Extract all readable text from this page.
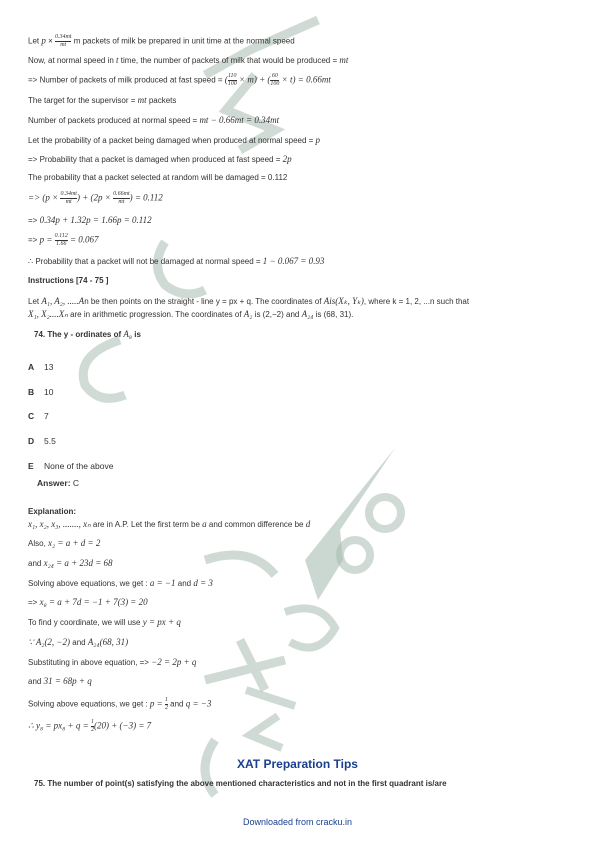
Let $p \times \frac{0.34mt}{mt}$ m packets of milk be prepared in unit time at the normal speed
Now, at normal speed in t time, the number of packets of milk that would be produced = mt
=> Number of packets of milk produced at fast speed = ( $\frac{110}{100} \times m$) + ( $\frac{60}{100} \times t) = 0.66mt$
The target for the supervisor = mt packets
Number of packets produced at normal speed = mt − 0.66mt = 0.34mt
Let the probability of a packet being damaged when produced at normal speed = p
=> Probability that a packet is damaged when produced at fast speed = 2p
The probability that a packet selected at random will be damaged = 0.112
=> ($p \times \frac{0.34mt}{mt}$ ) + ($2p \times \frac{0.66mt}{mt}$ ) = 0.112
=> 0.34p + 1.32p = 1.66p = 0.112
=> $p = \frac{0.112}{1.66} = 0.067$
∴ Probability that a packet will not be damaged at normal speed = 1 − 0.067 = 0.93
Instructions [74 - 75 ]
Let A₁, A₂, .....An be then points on the straight - line y = px + q. The coordinates of Ais(Xₖ, Yₖ), where k = 1, 2, ...n such that
X₁, X₂....Xₙ are in arithmetic progression. The coordinates of A₂ is (2,−2) and A₂₄ is (68, 31).
74. The y - ordinates of A₈ is
A 13
B 10
C 7
D 5.5
E None of the above
Answer: C
Explanation:
x₁, x₂, x₃, ......., xₙ are in A.P. Let the first term be a and common difference be d
Also, x₂ = a + d = 2
and x₂₄ = a + 23d = 68
Solving above equations, we get : a = −1 and d = 3
=> x₈ = a + 7d = −1 + 7(3) = 20
To find y coordinate, we will use y = px + q
∵ A₂(2, −2) and A₂₄(68, 31)
Substituting in above equation, => −2 = 2p + q
and 31 = 68p + q
Solving above equations, we get : $p = \frac{1}{2}$ and q = −3
∴ $y_8 = px_8 + q = \frac{1}{2} (20) + (-3) = 7$
XAT Preparation Tips
75. The number of point(s) satisfying the above mentioned characteristics and not in the first quadrant is/are
Downloaded from cracku.in
